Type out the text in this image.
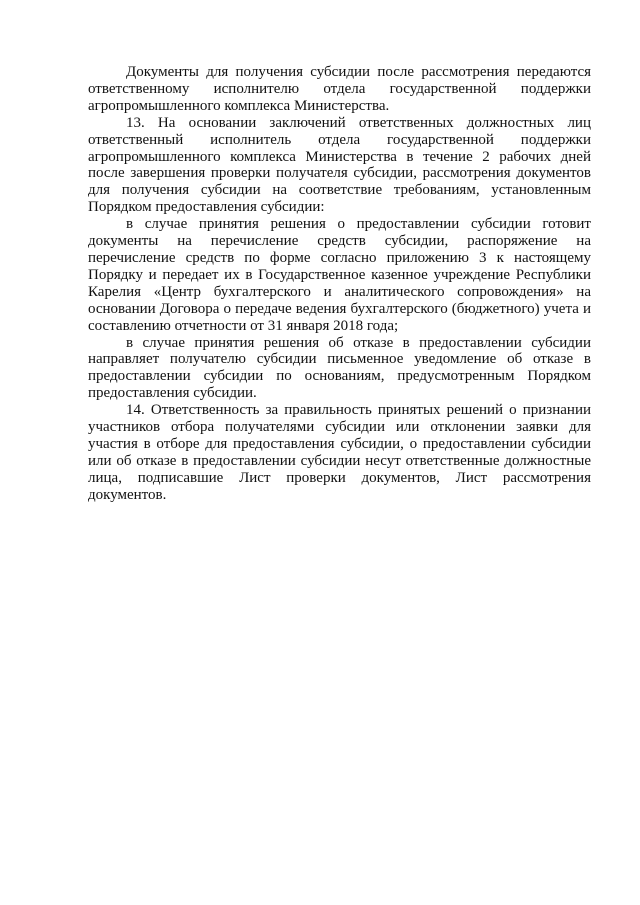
Документы для получения субсидии после рассмотрения передаются ответственному исполнителю отдела государственной поддержки агропромышленного комплекса Министерства.

13. На основании заключений ответственных должностных лиц ответственный исполнитель отдела государственной поддержки агропромышленного комплекса Министерства в течение 2 рабочих дней после завершения проверки получателя субсидии, рассмотрения документов для получения субсидии на соответствие требованиям, установленным Порядком предоставления субсидии:

в случае принятия решения о предоставлении субсидии готовит документы на перечисление средств субсидии, распоряжение на перечисление средств по форме согласно приложению 3 к настоящему Порядку и передает их в Государственное казенное учреждение Республики Карелия «Центр бухгалтерского и аналитического сопровождения» на основании Договора о передаче ведения бухгалтерского (бюджетного) учета и составлению отчетности от 31 января 2018 года;

в случае принятия решения об отказе в предоставлении субсидии направляет получателю субсидии письменное уведомление об отказе в предоставлении субсидии по основаниям, предусмотренным Порядком предоставления субсидии.

14. Ответственность за правильность принятых решений о признании участников отбора получателями субсидии или отклонении заявки для участия в отборе для предоставления субсидии, о предоставлении субсидии или об отказе в предоставлении субсидии несут ответственные должностные лица, подписавшие Лист проверки документов, Лист рассмотрения документов.
